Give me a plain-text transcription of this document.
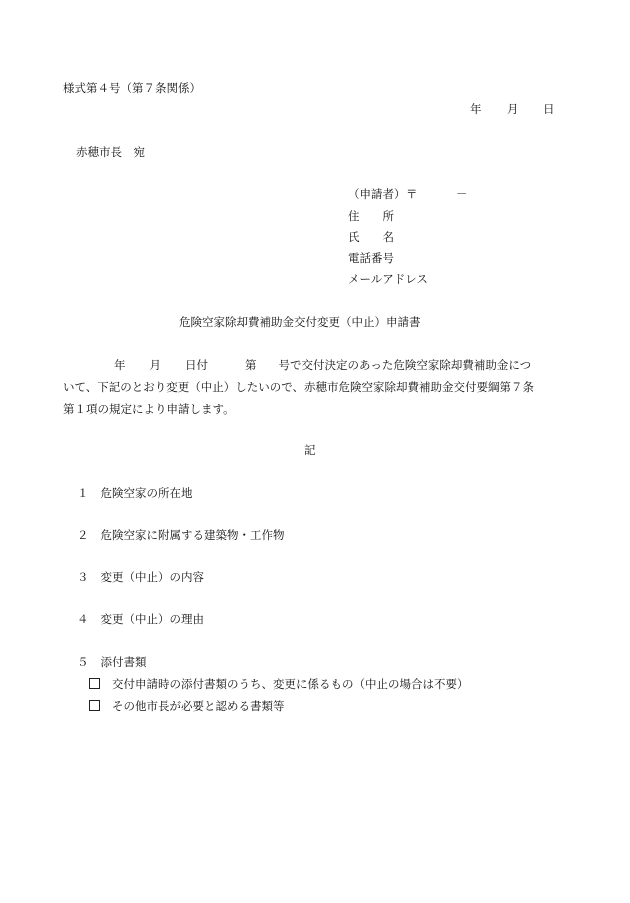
様式第４号（第７条関係）
年 月 日
赤穂市長　宛
（申請者） 〒	－
住　　所
氏　　名
電話番号
メールアドレス
危険空家除却費補助金交付変更（中止）申請書
年 月 日付	第 号で交付決定のあった危険空家除却費補助金につ
いて、下記のとおり変更（中止）したいので、赤穂市危険空家除却費補助金交付要綱第７条
第１項の規定により申請します。
記
１ 危険空家の所在地
２ 危険空家に附属する建築物・工作物
３ 変更（中止）の内容
４ 変更（中止）の理由
５ 添付書類
交付申請時の添付書類のうち、変更に係るもの（中止の場合は不要）
その他市長が必要と認める書類等
